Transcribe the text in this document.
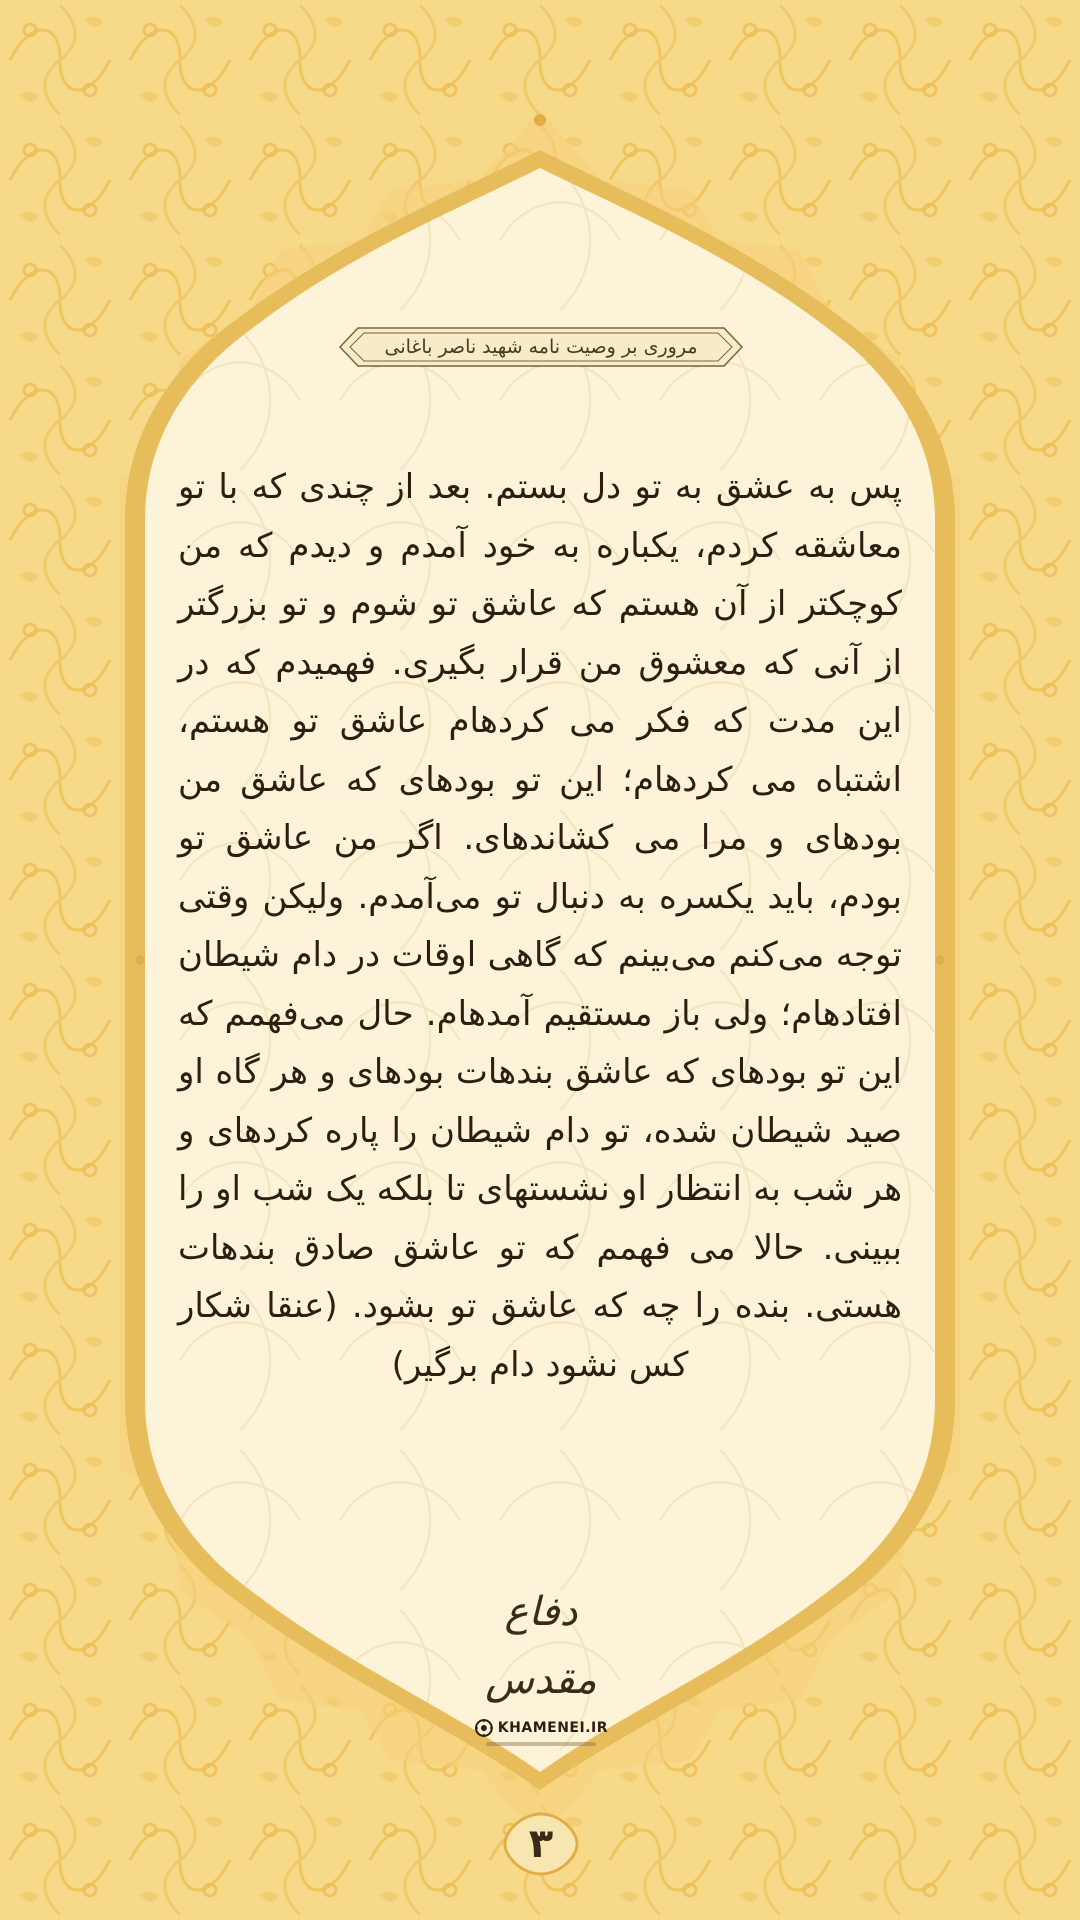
مروری بر وصیت نامه شهید ناصر باغانی

پس به عشق به تو دل بستم. بعد از چندی که با تو معاشقه کردم، یکباره به خود آمدم و دیدم که من کوچکتر از آن هستم که عاشق تو شوم و تو بزرگتر از آنی که معشوق من قرار بگیری. فهمیدم که در این مدت که فکر می کردهام عاشق تو هستم، اشتباه می کردهام؛ این تو بودهای که عاشق من بودهای و مرا می کشاندهای. اگر من عاشق تو بودم، باید یکسره به دنبال تو می‌آمدم. ولیکن وقتی توجه می‌کنم می‌بینم که گاهی اوقات در دام شیطان افتادهام؛ ولی باز مستقیم آمدهام. حال می‌فهمم که این تو بودهای که عاشق بندهات بودهای و هر گاه او صید شیطان شده، تو دام شیطان را پاره کردهای و هر شب به انتظار او نشستهای تا بلکه یک شب او را ببینی. حالا می فهمم که تو عاشق صادق بندهات هستی. بنده را چه که عاشق تو بشود. (عنقا شکار کس نشود دام برگیر)

دفاع مقدس
KHAMENEI.IR
۳
